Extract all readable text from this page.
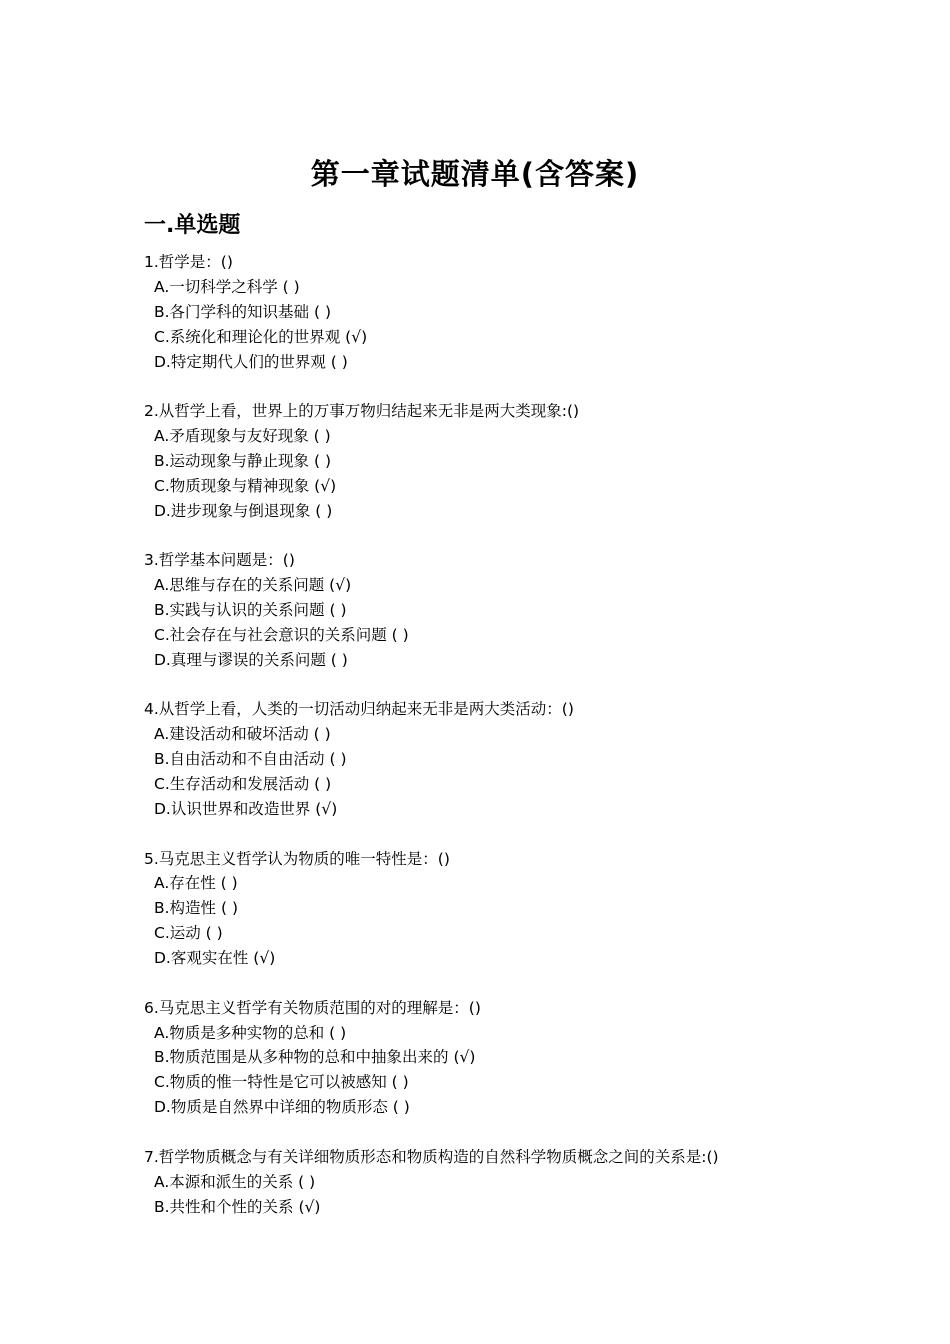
第一章试题清单(含答案)
一.单选题
1.哲学是：()
A.一切科学之科学 ( )
B.各门学科的知识基础 ( )
C.系统化和理论化的世界观 (√)
D.特定期代人们的世界观 ( )
2.从哲学上看，世界上的万事万物归结起来无非是两大类现象:()
A.矛盾现象与友好现象 ( )
B.运动现象与静止现象 ( )
C.物质现象与精神现象 (√)
D.进步现象与倒退现象 ( )
3.哲学基本问题是：()
A.思维与存在的关系问题 (√)
B.实践与认识的关系问题 ( )
C.社会存在与社会意识的关系问题 ( )
D.真理与谬误的关系问题 ( )
4.从哲学上看，人类的一切活动归纳起来无非是两大类活动：()
A.建设活动和破坏活动 ( )
B.自由活动和不自由活动 ( )
C.生存活动和发展活动 ( )
D.认识世界和改造世界 (√)
5.马克思主义哲学认为物质的唯一特性是：()
A.存在性 ( )
B.构造性 ( )
C.运动 ( )
D.客观实在性 (√)
6.马克思主义哲学有关物质范围的对的理解是：()
A.物质是多种实物的总和 ( )
B.物质范围是从多种物的总和中抽象出来的 (√)
C.物质的惟一特性是它可以被感知 ( )
D.物质是自然界中详细的物质形态 ( )
7.哲学物质概念与有关详细物质形态和物质构造的自然科学物质概念之间的关系是:()
A.本源和派生的关系 ( )
B.共性和个性的关系 (√)
